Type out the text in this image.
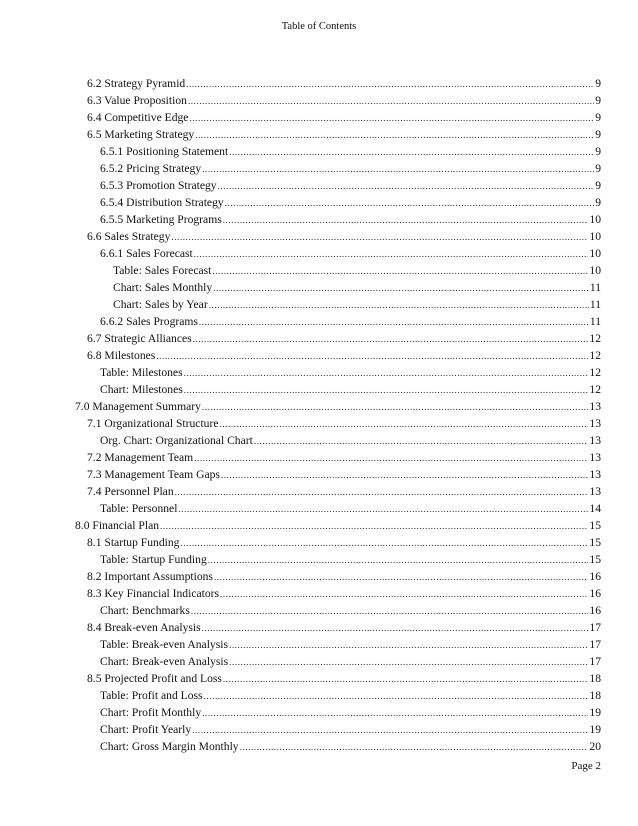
Table of Contents
6.2 Strategy Pyramid .....	9
6.3 Value Proposition .....	9
6.4 Competitive Edge .....	9
6.5 Marketing Strategy .....	9
6.5.1 Positioning Statement .....	9
6.5.2 Pricing Strategy .....	9
6.5.3 Promotion Strategy .....	9
6.5.4 Distribution Strategy .....	9
6.5.5 Marketing Programs .....	10
6.6 Sales Strategy .....	10
6.6.1 Sales Forecast .....	10
Table: Sales Forecast .....	10
Chart: Sales Monthly .....	11
Chart: Sales by Year .....	11
6.6.2 Sales Programs .....	11
6.7 Strategic Alliances .....	12
6.8 Milestones .....	12
Table: Milestones .....	12
Chart: Milestones .....	12
7.0 Management Summary .....	13
7.1 Organizational Structure .....	13
Org. Chart: Organizational Chart .....	13
7.2 Management Team .....	13
7.3 Management Team Gaps .....	13
7.4 Personnel Plan .....	13
Table: Personnel .....	14
8.0 Financial Plan .....	15
8.1 Startup Funding .....	15
Table: Startup Funding .....	15
8.2 Important Assumptions .....	16
8.3 Key Financial Indicators .....	16
Chart: Benchmarks .....	16
8.4 Break-even Analysis .....	17
Table: Break-even Analysis .....	17
Chart: Break-even Analysis .....	17
8.5 Projected Profit and Loss .....	18
Table: Profit and Loss .....	18
Chart: Profit Monthly .....	19
Chart: Profit Yearly .....	19
Chart: Gross Margin Monthly .....	20
Page 2
